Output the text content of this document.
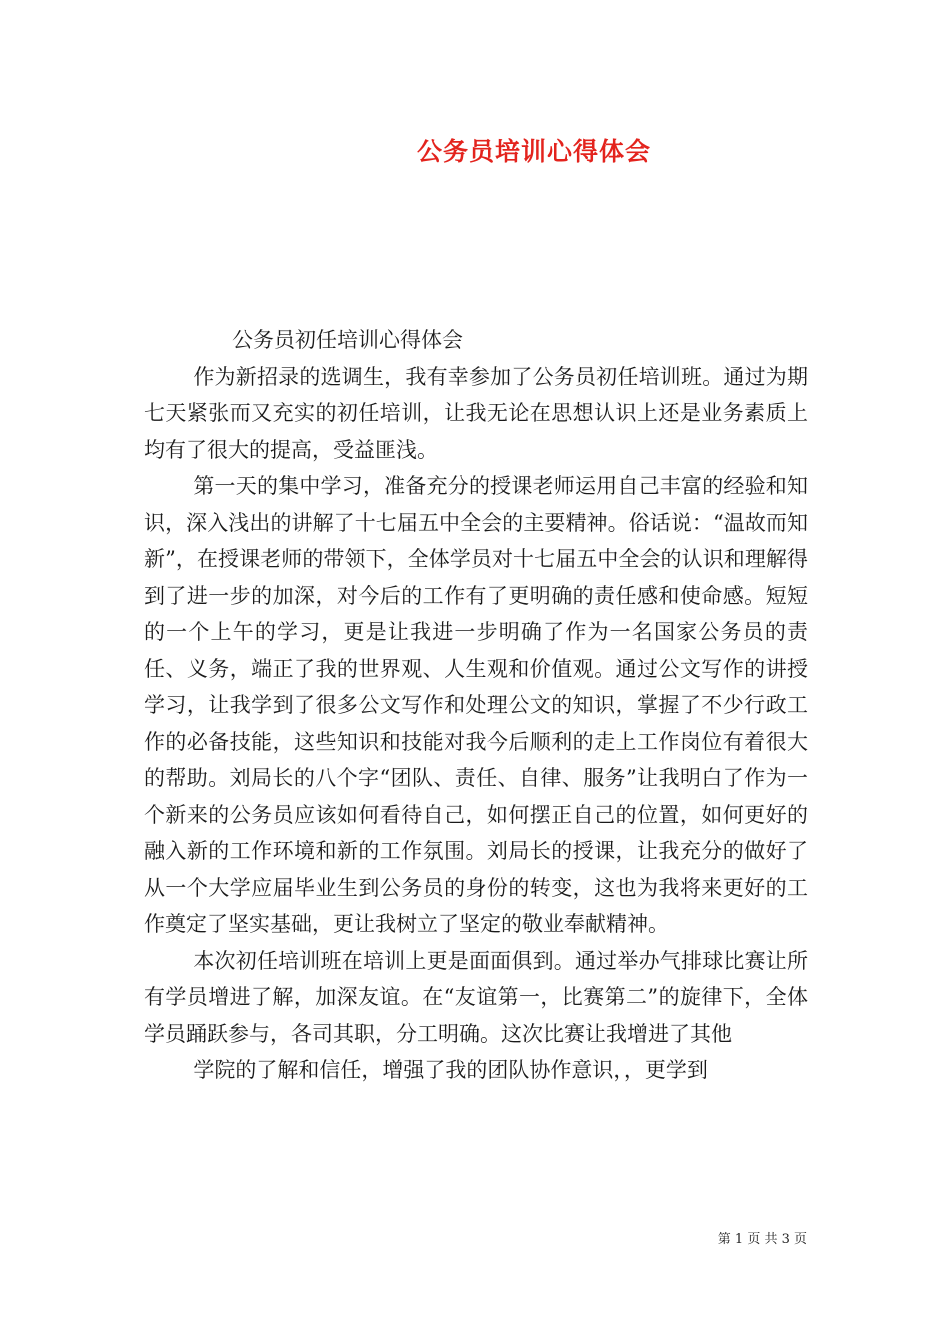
公务员培训心得体会

公务员初任培训心得体会

作为新招录的选调生，我有幸参加了公务员初任培训班。通过为期七天紧张而又充实的初任培训，让我无论在思想认识上还是业务素质上均有了很大的提高，受益匪浅。

第一天的集中学习，准备充分的授课老师运用自己丰富的经验和知识，深入浅出的讲解了十七届五中全会的主要精神。俗话说：“温故而知新”，在授课老师的带领下，全体学员对十七届五中全会的认识和理解得到了进一步的加深，对今后的工作有了更明确的责任感和使命感。短短的一个上午的学习，更是让我进一步明确了作为一名国家公务员的责任、义务，端正了我的世界观、人生观和价值观。通过公文写作的讲授学习，让我学到了很多公文写作和处理公文的知识，掌握了不少行政工作的必备技能，这些知识和技能对我今后顺利的走上工作岗位有着很大的帮助。刘局长的八个字“团队、责任、自律、服务”让我明白了作为一个新来的公务员应该如何看待自己，如何摆正自己的位置，如何更好的融入新的工作环境和新的工作氛围。刘局长的授课，让我充分的做好了从一个大学应届毕业生到公务员的身份的转变，这也为我将来更好的工作奠定了坚实基础，更让我树立了坚定的敬业奉献精神。

本次初任培训班在培训上更是面面俱到。通过举办气排球比赛让所有学员增进了解，加深友谊。在“友谊第一，比赛第二”的旋律下，全体学员踊跃参与，各司其职，分工明确。这次比赛让我增进了其他

学院的了解和信任，增强了我的团队协作意识，，更学到

第 1 页 共 3 页
